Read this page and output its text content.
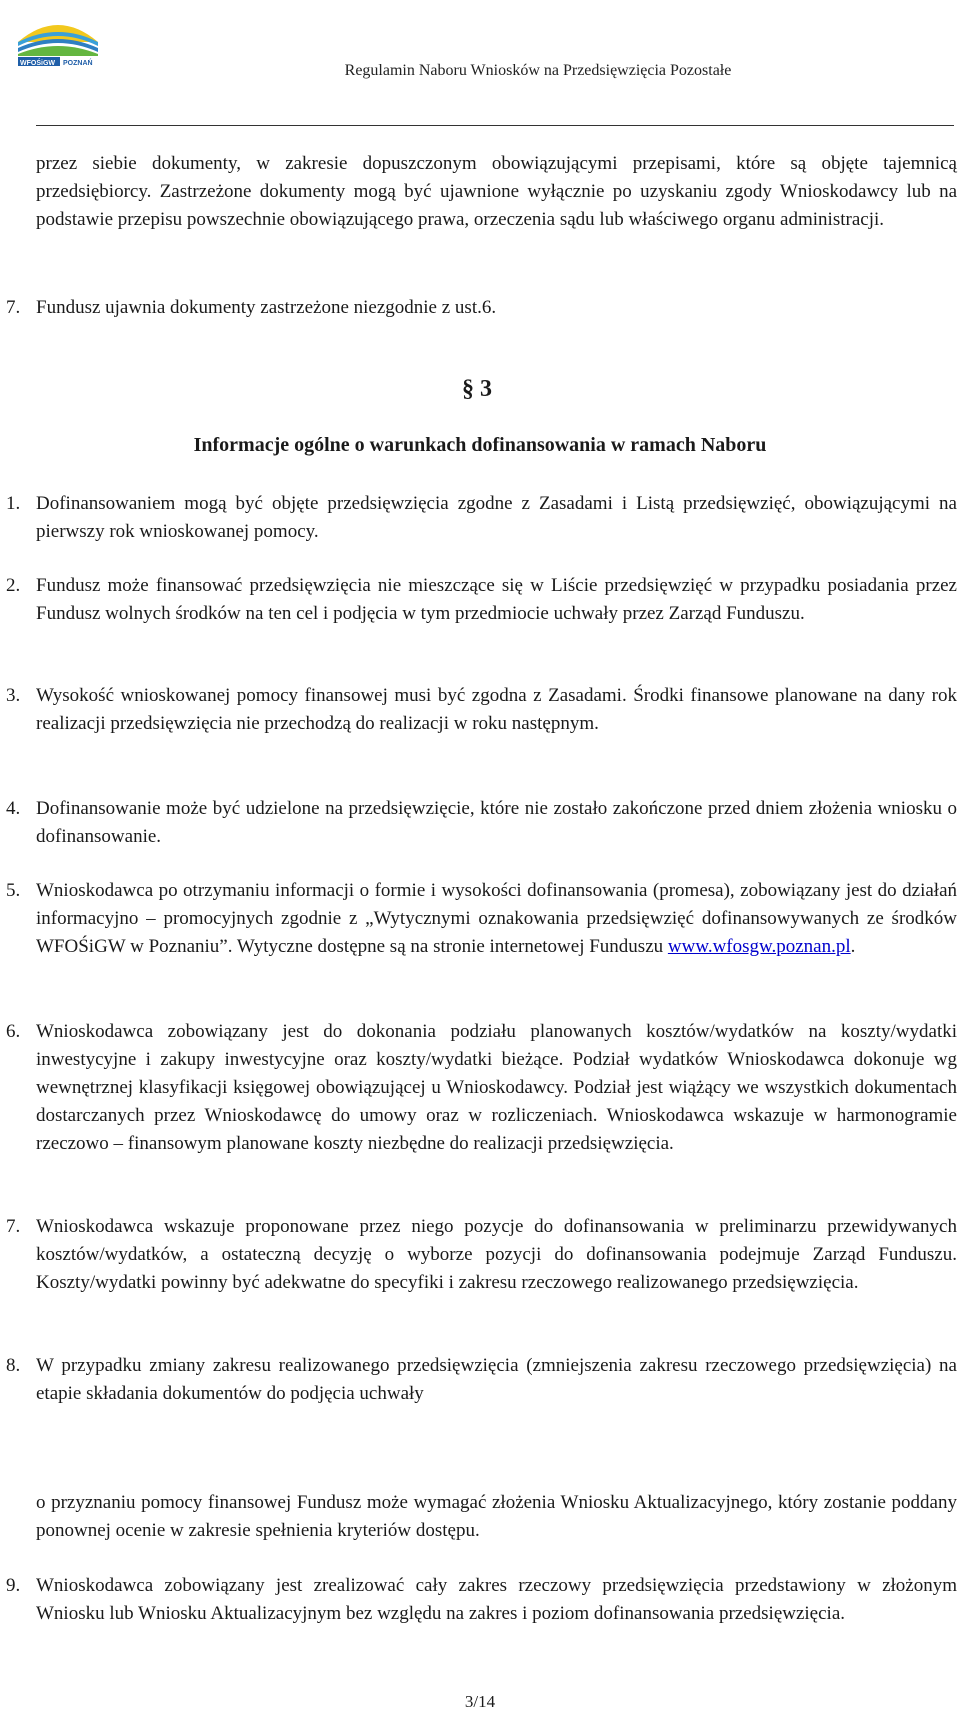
WFOŚiGW POZNAŃ	Regulamin Naboru Wniosków na Przedsięwzięcia Pozostałe
przez siebie dokumenty, w zakresie dopuszczonym obowiązującymi przepisami, które są objęte tajemnicą przedsiębiorcy. Zastrzeżone dokumenty mogą być ujawnione wyłącznie po uzyskaniu zgody Wnioskodawcy lub na podstawie przepisu powszechnie obowiązującego prawa, orzeczenia sądu lub właściwego organu administracji.
7. Fundusz ujawnia dokumenty zastrzeżone niezgodnie z ust.6.
§ 3
Informacje ogólne o warunkach dofinansowania w ramach Naboru
1. Dofinansowaniem mogą być objęte przedsięwzięcia zgodne z Zasadami i Listą przedsięwzięć, obowiązującymi na pierwszy rok wnioskowanej pomocy.
2. Fundusz może finansować przedsięwzięcia nie mieszczące się w Liście przedsięwzięć w przypadku posiadania przez Fundusz wolnych środków na ten cel i podjęcia w tym przedmiocie uchwały przez Zarząd Funduszu.
3. Wysokość wnioskowanej pomocy finansowej musi być zgodna z Zasadami. Środki finansowe planowane na dany rok realizacji przedsięwzięcia nie przechodzą do realizacji w roku następnym.
4. Dofinansowanie może być udzielone na przedsięwzięcie, które nie zostało zakończone przed dniem złożenia wniosku o dofinansowanie.
5. Wnioskodawca po otrzymaniu informacji o formie i wysokości dofinansowania (promesa), zobowiązany jest do działań informacyjno – promocyjnych zgodnie z „Wytycznymi oznakowania przedsięwzięć dofinansowywanych ze środków WFOŚiGW w Poznaniu”. Wytyczne dostępne są na stronie internetowej Funduszu www.wfosgw.poznan.pl.
6. Wnioskodawca zobowiązany jest do dokonania podziału planowanych kosztów/wydatków na koszty/wydatki inwestycyjne i zakupy inwestycyjne oraz koszty/wydatki bieżące. Podział wydatków Wnioskodawca dokonuje wg wewnętrznej klasyfikacji księgowej obowiązującej u Wnioskodawcy. Podział jest wiążący we wszystkich dokumentach dostarczanych przez Wnioskodawcę do umowy oraz w rozliczeniach. Wnioskodawca wskazuje w harmonogramie rzeczowo – finansowym planowane koszty niezbędne do realizacji przedsięwzięcia.
7. Wnioskodawca wskazuje proponowane przez niego pozycje do dofinansowania w preliminarzu przewidywanych kosztów/wydatków, a ostateczną decyzję o wyborze pozycji do dofinansowania podejmuje Zarząd Funduszu. Koszty/wydatki powinny być adekwatne do specyfiki i zakresu rzeczowego realizowanego przedsięwzięcia.
8. W przypadku zmiany zakresu realizowanego przedsięwzięcia (zmniejszenia zakresu rzeczowego przedsięwzięcia) na etapie składania dokumentów do podjęcia uchwały
o przyznaniu pomocy finansowej Fundusz może wymagać złożenia Wniosku Aktualizacyjnego, który zostanie poddany ponownej ocenie w zakresie spełnienia kryteriów dostępu.
9. Wnioskodawca zobowiązany jest zrealizować cały zakres rzeczowy przedsięwzięcia przedstawiony w złożonym Wniosku lub Wniosku Aktualizacyjnym bez względu na zakres i poziom dofinansowania przedsięwzięcia.
3/14
